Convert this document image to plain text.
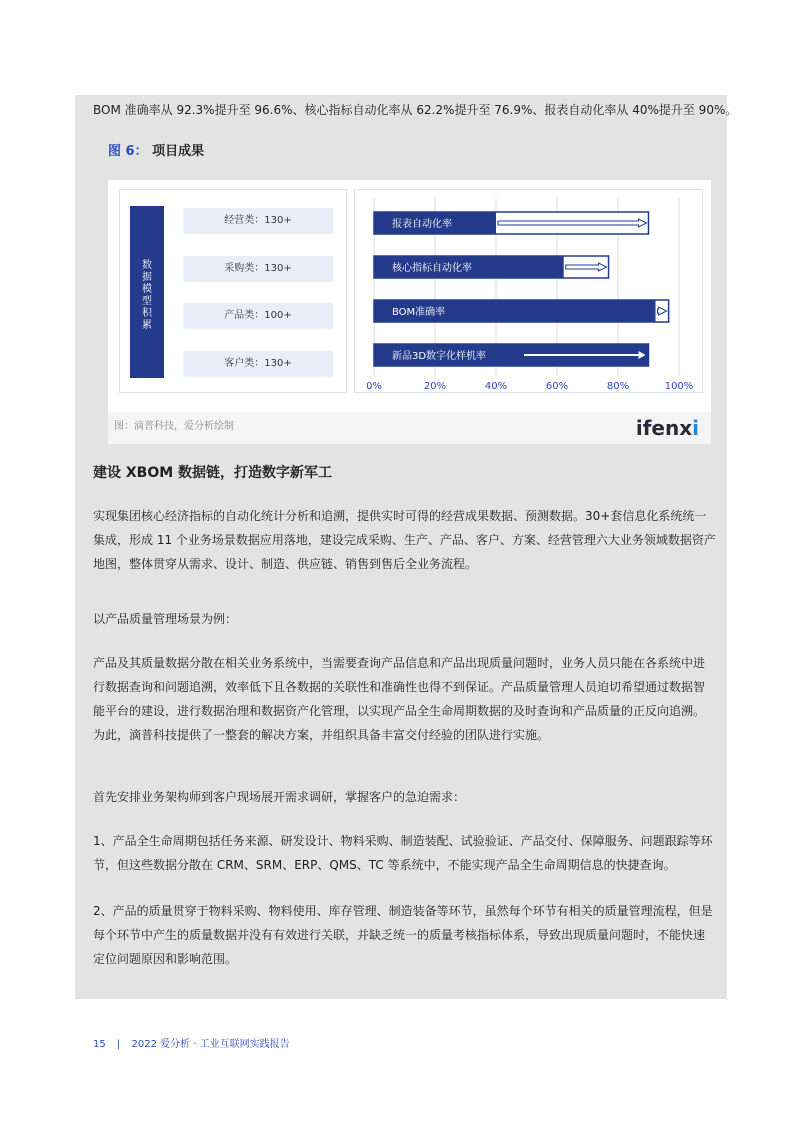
BOM 准确率从 92.3%提升至 96.6%、核心指标自动化率从 62.2%提升至 76.9%、报表自动化率从 40%提升至 90%。
图 6： 项目成果
数
据
模
型
积
累
经营类：130+
采购类：130+
产品类：100+
客户类：130+
0%	20%	40%	60%	80%	100%
报表自动化率
核心指标自动化率
BOM准确率
新品3D数字化样机率
图：滴普科技，爱分析绘制	ifenxi
建设 XBOM 数据链，打造数字新军工
实现集团核心经济指标的自动化统计分析和追溯，提供实时可得的经营成果数据、预测数据。30+套信息化系统统一
集成，形成 11 个业务场景数据应用落地，建设完成采购、生产、产品、客户、方案、经营管理六大业务领域数据资产
地图，整体贯穿从需求、设计、制造、供应链、销售到售后全业务流程。
以产品质量管理场景为例：
产品及其质量数据分散在相关业务系统中，当需要查询产品信息和产品出现质量问题时，业务人员只能在各系统中进
行数据查询和问题追溯，效率低下且各数据的关联性和准确性也得不到保证。产品质量管理人员迫切希望通过数据智
能平台的建设，进行数据治理和数据资产化管理，以实现产品全生命周期数据的及时查询和产品质量的正反向追溯。
为此，滴普科技提供了一整套的解决方案，并组织具备丰富交付经验的团队进行实施。
首先安排业务架构师到客户现场展开需求调研，掌握客户的急迫需求：
1、产品全生命周期包括任务来源、研发设计、物料采购、制造装配、试验验证、产品交付、保障服务、问题跟踪等环
节，但这些数据分散在 CRM、SRM、ERP、QMS、TC 等系统中，不能实现产品全生命周期信息的快捷查询。
2、产品的质量贯穿于物料采购、物料使用、库存管理、制造装备等环节，虽然每个环节有相关的质量管理流程，但是
每个环节中产生的质量数据并没有有效进行关联，并缺乏统一的质量考核指标体系，导致出现质量问题时，不能快速
定位问题原因和影响范围。
15 | 2022 爱分析 · 工业互联网实践报告
